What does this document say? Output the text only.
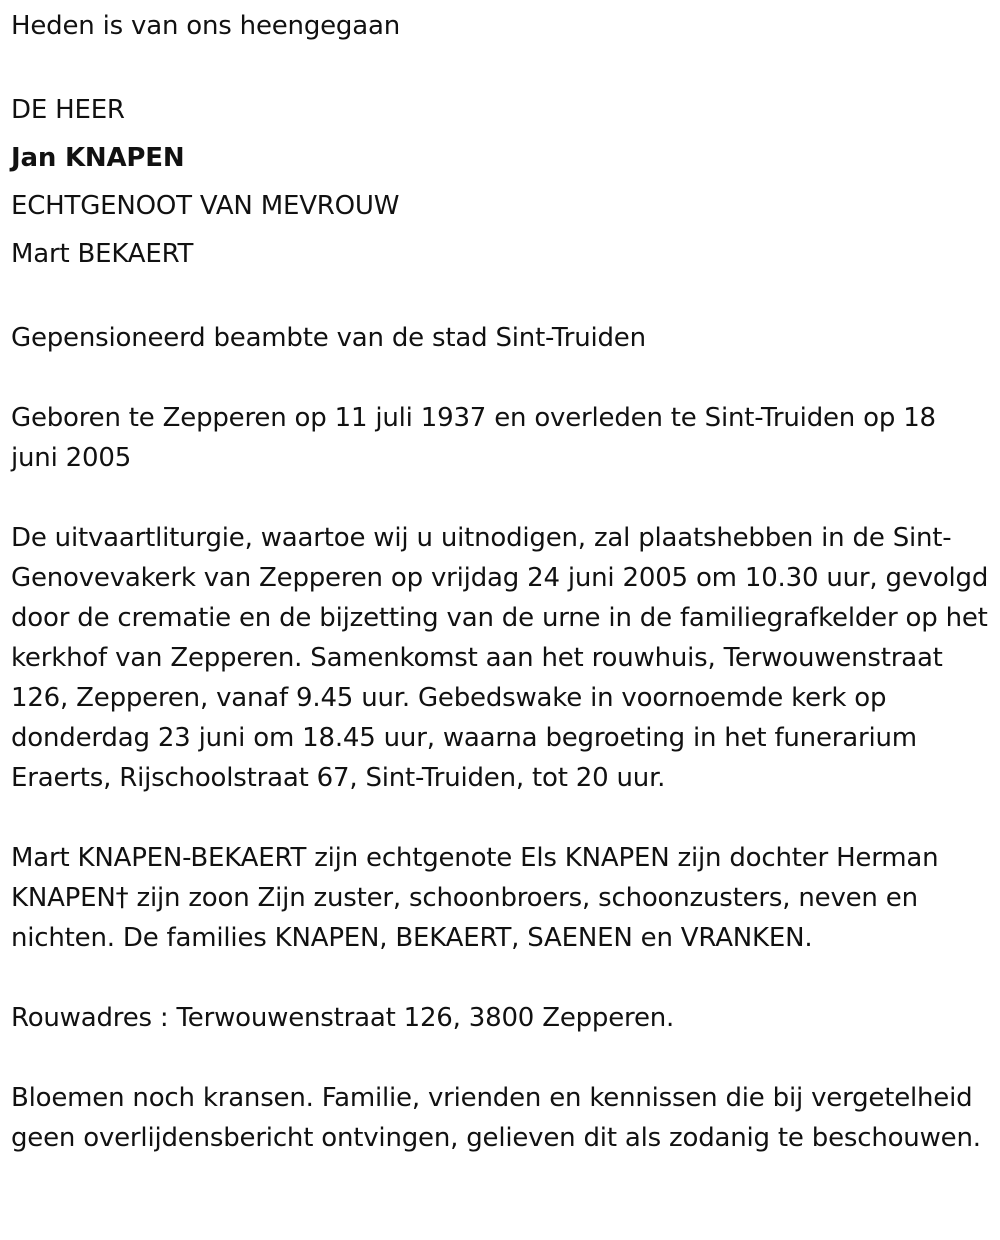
Heden is van ons heengegaan

DE HEER

Jan KNAPEN

ECHTGENOOT VAN MEVROUW

Mart BEKAERT

Gepensioneerd beambte van de stad Sint-Truiden

Geboren te Zepperen op 11 juli 1937 en overleden te Sint-Truiden op 18 juni 2005

De uitvaartliturgie, waartoe wij u uitnodigen, zal plaatshebben in de Sint-Genovevakerk van Zepperen op vrijdag 24 juni 2005 om 10.30 uur, gevolgd door de crematie en de bijzetting van de urne in de familiegrafkelder op het kerkhof van Zepperen. Samenkomst aan het rouwhuis, Terwouwenstraat 126, Zepperen, vanaf 9.45 uur. Gebedswake in voornoemde kerk op donderdag 23 juni om 18.45 uur, waarna begroeting in het funerarium Eraerts, Rijschoolstraat 67, Sint-Truiden, tot 20 uur.

Mart KNAPEN-BEKAERT zijn echtgenote Els KNAPEN zijn dochter Herman KNAPEN† zijn zoon Zijn zuster, schoonbroers, schoonzusters, neven en nichten. De families KNAPEN, BEKAERT, SAENEN en VRANKEN.

Rouwadres : Terwouwenstraat 126, 3800 Zepperen.

Bloemen noch kransen. Familie, vrienden en kennissen die bij vergetelheid geen overlijdensbericht ontvingen, gelieven dit als zodanig te beschouwen.
